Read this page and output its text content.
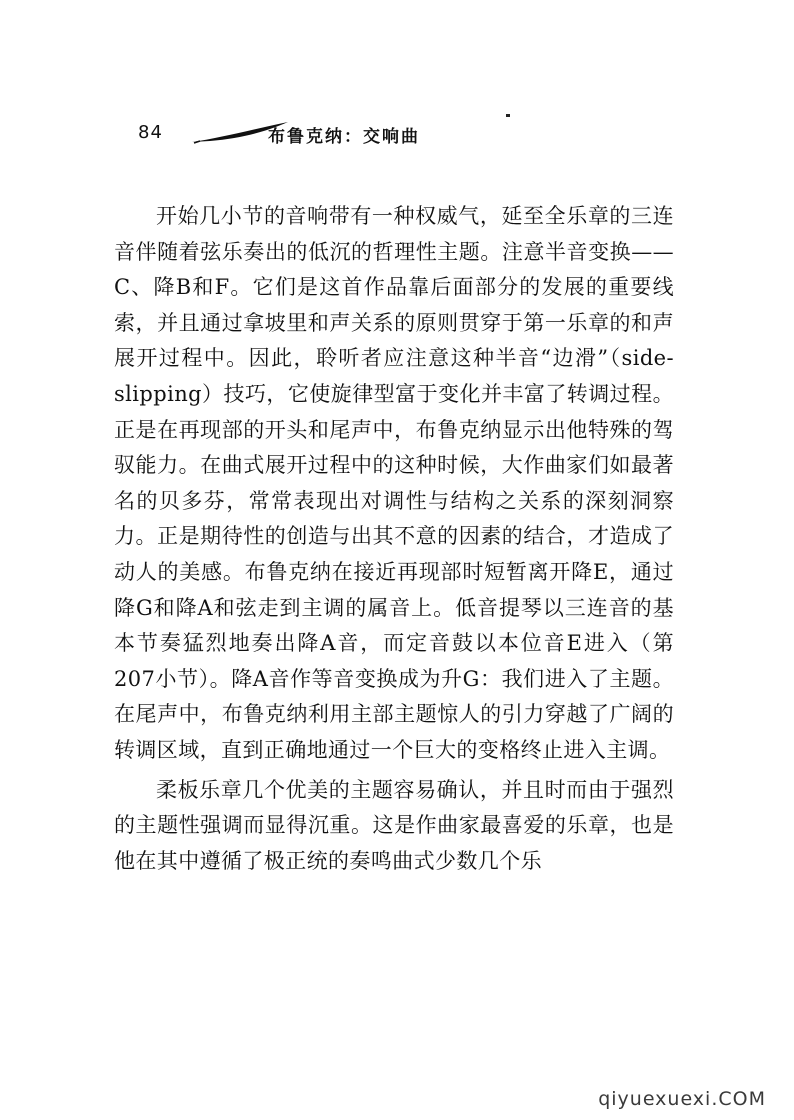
84	布鲁克纳：交响曲

开始几小节的音响带有一种权威气，延至全乐章的三连音伴随着弦乐奏出的低沉的哲理性主题。注意半音变换——C、降B和F。它们是这首作品靠后面部分的发展的重要线索，并且通过拿坡里和声关系的原则贯穿于第一乐章的和声展开过程中。因此，聆听者应注意这种半音“边滑”（side-slipping）技巧，它使旋律型富于变化并丰富了转调过程。正是在再现部的开头和尾声中，布鲁克纳显示出他特殊的驾驭能力。在曲式展开过程中的这种时候，大作曲家们如最著名的贝多芬，常常表现出对调性与结构之关系的深刻洞察力。正是期待性的创造与出其不意的因素的结合，才造成了动人的美感。布鲁克纳在接近再现部时短暂离开降E，通过降G和降A和弦走到主调的属音上。低音提琴以三连音的基本节奏猛烈地奏出降A音，而定音鼓以本位音E进入（第207小节）。降A音作等音变换成为升G：我们进入了主题。在尾声中，布鲁克纳利用主部主题惊人的引力穿越了广阔的转调区域，直到正确地通过一个巨大的变格终止进入主调。

柔板乐章几个优美的主题容易确认，并且时而由于强烈的主题性强调而显得沉重。这是作曲家最喜爱的乐章，也是他在其中遵循了极正统的奏鸣曲式少数几个乐

qiyuexuexi.COM
